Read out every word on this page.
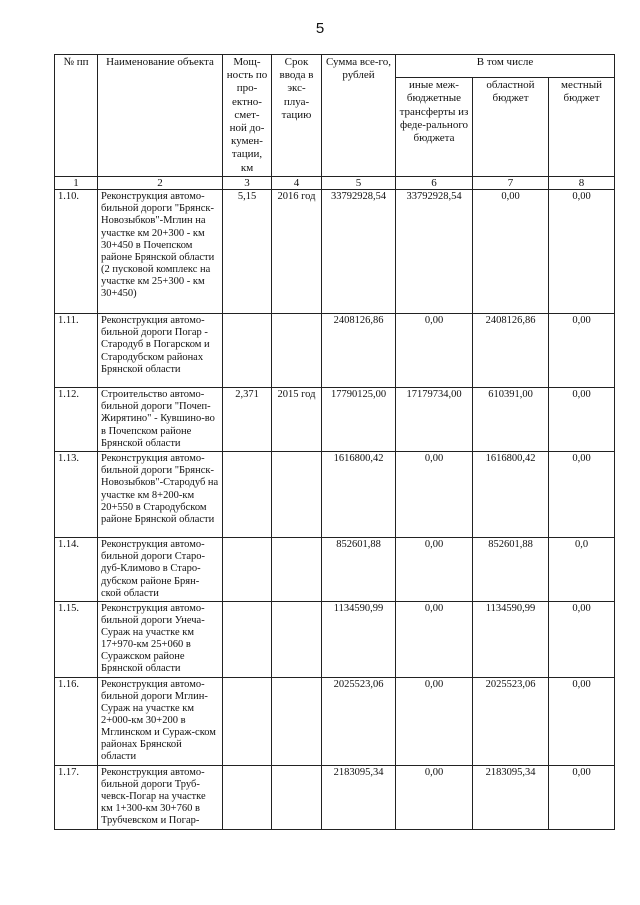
5
№ пп	Наименование объекта	Мощ-ность по про-ектно-смет-ной до-кумен-тации, км	Срок ввода в экс-плуа-тацию	Сумма все-го, рублей	В том числе		
					иные меж-бюджетные трансферты из феде-рального бюджета	областной бюджет	местный бюджет
1	2	3	4	5	6	7	8
1.10.	Реконструкция автомо-бильной дороги "Брянск-Новозыбков"-Мглин на участке км 20+300 - км 30+450 в Почепском районе Брянской области (2 пусковой комплекс на участке км 25+300 - км 30+450)	5,15	2016 год	33792928,54	33792928,54	0,00	0,00
1.11.	Реконструкция автомо-бильной дороги Погар - Стародуб в Погарском и Стародубском районах Брянской области			2408126,86	0,00	2408126,86	0,00
1.12.	Строительство автомо-бильной дороги "Почеп-Жирятино" - Кувшино-во в Почепском районе Брянской области	2,371	2015 год	17790125,00	17179734,00	610391,00	0,00
1.13.	Реконструкция автомо-бильной дороги "Брянск-Новозыбков"-Стародуб на участке км 8+200-км 20+550 в Стародубском районе Брянской области			1616800,42	0,00	1616800,42	0,00
1.14.	Реконструкция автомо-бильной дороги Старо-дуб-Климово в Старо-дубском районе Брян-ской области			852601,88	0,00	852601,88	0,0
1.15.	Реконструкция автомо-бильной дороги Унеча-Сураж на участке км 17+970-км 25+060 в Суражском районе Брянской области			1134590,99	0,00	1134590,99	0,00
1.16.	Реконструкция автомо-бильной дороги Мглин-Сураж на участке км 2+000-км 30+200 в Мглинском и Сураж-ском районах Брянской области			2025523,06	0,00	2025523,06	0,00
1.17.	Реконструкция автомо-бильной дороги Труб-чевск-Погар на участке км 1+300-км 30+760 в Трубчевском и Погар-			2183095,34	0,00	2183095,34	0,00
